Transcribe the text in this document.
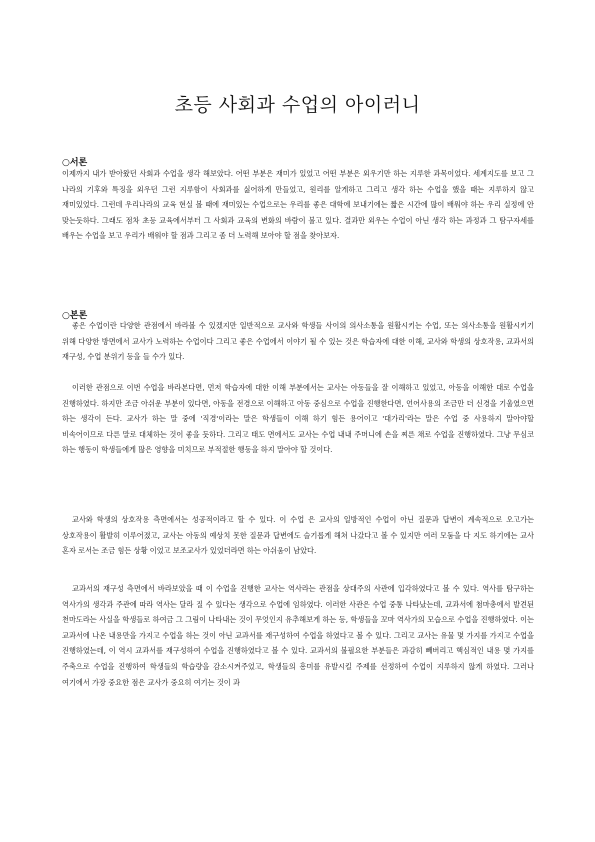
초등 사회과 수업의 아이러니
○서론

이제까지 내가 받아왔던 사회과 수업을 생각 해보았다. 어떤 부분은 재미가 있었고 어떤 부분은 외우기만 하는 지루한 과목이었다. 세계지도를 보고 그 나라의 기후와 특징을 외우던 그런 지루함이 사회과를 싫어하게 만들었고, 원리를 알게하고 그리고 생각 하는 수업을 했을 때는 지루하지 않고 재미있었다. 그런데 우리나라의 교육 현실 볼 때에 재미있는 수업으로는 우리를 좋은 대학에 보내기에는 짧은 시간에 많이 배워야 하는 우리 실정에 안 맞는듯하다. 그래도 점차 초등 교육에서부터 그 사회과 교육의 변화의 바람이 불고 있다. 결과만 외우는 수업이 아닌 생각 하는 과정과 그 탐구자세를 배우는 수업을 보고 우리가 배워야 할 점과 그리고 좀 더 노력해 보아야 할 점을 찾아보자.

○본론

좋은 수업이란 다양한 관점에서 바라볼 수 있겠지만 일반적으로 교사와 학생들 사이의 의사소통을 원활시키는 수업, 또는 의사소통을 원활시키기 위해 다양한 방면에서 교사가 노력하는 수업이다 그리고 좋은 수업에서 이야기 될 수 있는 것은 학습자에 대한 이해, 교사와 학생의 상호작용, 교과서의 재구성, 수업 분위기 등을 들 수가 있다.

이러한 관점으로 이번 수업을 바라본다면, 먼저 학습자에 대한 이해 부분에서는 교사는 아동들을 잘 이해하고 있었고, 아동을 이해한 대로 수업을 진행하였다. 하지만 조금 아쉬운 부분이 있다면, 아동을 전경으로 이해하고 아동 중심으로 수업을 진행한다면, 언어사용의 조금만 더 신경을 기울였으면 하는 생각이 든다. 교사가 하는 말 중에 '직경'이라는 말은 학생들이 이해 하기 힘든 용어이고 '대가리'라는 말은 수업 중 사용하지 말아야할 비속어이므로 다른 말로 대체하는 것이 좋을 듯하다. 그리고 태도 면에서도 교사는 수업 내내 주머니에 손을 찌른 채로 수업을 진행하였다. 그냥 무심코 하는 행동이 학생들에게 많은 영향을 미치므로 부적절한 행동을 하지 말아야 할 것이다.

교사와 학생의 상호작용 측면에서는 성공적이라고 할 수 있다. 이 수업 은 교사의 일방적인 수업이 아닌 질문과 답변이 계속적으로 오고가는 상호작용이 활발히 이루어졌고, 교사는 아동의 예상치 못한 질문과 답변에도 슬기롭게 해쳐 나갔다고 볼 수 있지만 여러 모둠을 다 지도 하기에는 교사 혼자 로서는 조금 힘든 상황 이었고 보조교사가 있었더라면 하는 아쉬움이 남았다.

교과서의 재구성 측면에서 바라보았을 때 이 수업을 진행한 교사는 역사라는 관점을 상대주의 사관에 입각하였다고 볼 수 있다. 역사를 탐구하는 역사가의 생각과 주관에 따라 역사는 달라 질 수 있다는 생각으로 수업에 임하였다. 이러한 사관은 수업 중통 나타났는데, 교과서에 첨마총에서 발견된 천마도라는 사실을 학생들로 하여금 그 그림이 나타내는 것이 무엇인지 유추해보게 하는 등, 학생들을 꼬마 역사가의 모습으로 수업을 진행하였다. 이는 교과서에 나온 내용만을 가지고 수업을 하는 것이 아닌 교과서를 재구성하여 수업을 하였다고 볼 수 있다. 그리고 교사는 유물 몇 가지를 가지고 수업을 진행하였는데, 이 역시 교과서를 재구성하여 수업을 진행하였다고 볼 수 있다. 교과서의 불필요한 부분들은 과감히 빼버리고 핵심적인 내용 몇 가지를 주축으로 수업을 진행하여 학생들의 학습량을 감소시켜주었고, 학생들의 흥미를 유발시킬 주제를 선정하여 수업이 지루하지 않게 하였다. 그러나 여기에서 가장 중요한 점은 교사가 중요히 여기는 것이 과
